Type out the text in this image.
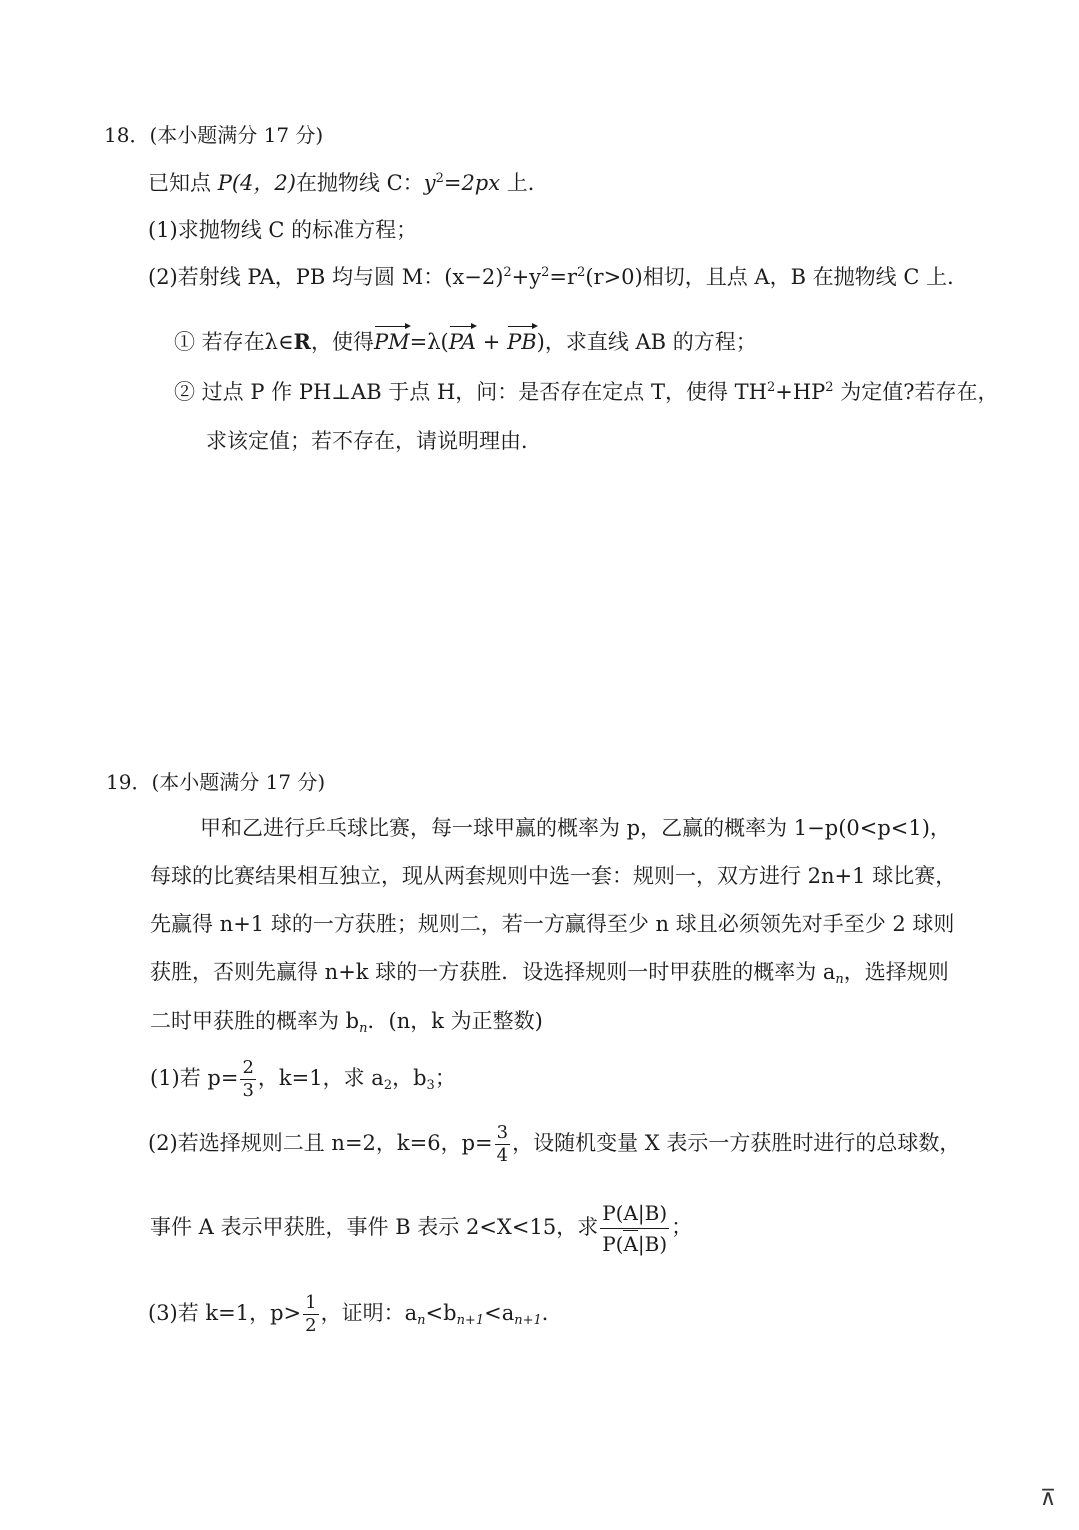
18．(本小题满分 17 分)
已知点 P(4，2)在抛物线 C：$y^2=2px$ 上．
(1)求抛物线 C 的标准方程；
(2)若射线 PA，PB 均与圆 M：$(x-2)^2+y^2=r^2(r>0)$相切，且点 A，B 在抛物线 C 上．
① 若存在λ∈R，使得PM=λ(PA + PB)，求直线 AB 的方程；
② 过点 P 作 PH⊥AB 于点 H，问：是否存在定点 T，使得 $TH^2+HP^2$ 为定值?若存在，
求该定值；若不存在，请说明理由．
19．(本小题满分 17 分)
甲和乙进行乒乓球比赛，每一球甲赢的概率为 p，乙赢的概率为 1−p(0<p<1)，
每球的比赛结果相互独立，现从两套规则中选一套：规则一，双方进行 2n+1 球比赛，
先赢得 n+1 球的一方获胜；规则二，若一方赢得至少 n 球且必须领先对手至少 2 球则
获胜，否则先赢得 n+k 球的一方获胜．设选择规则一时甲获胜的概率为 $a_n$，选择规则
二时甲获胜的概率为 $b_n$．(n，k 为正整数)
(1)若 $p= \frac{2}{3}$ ，k=1，求 $a_2$，$b_3$；
(2)若选择规则二且 n=2，k=6，$p= \frac{3}{4}$ ，设随机变量 X 表示一方获胜时进行的总球数，
事件 A 表示甲获胜，事件 B 表示 2<X<15，求 $\frac{P(A|B)}{P(A|B)}$ ；
(3)若 k=1，$p> \frac{1}{2}$ ，证明：$a_n<b_{n+1}<a_{n+1}$．
⊼
